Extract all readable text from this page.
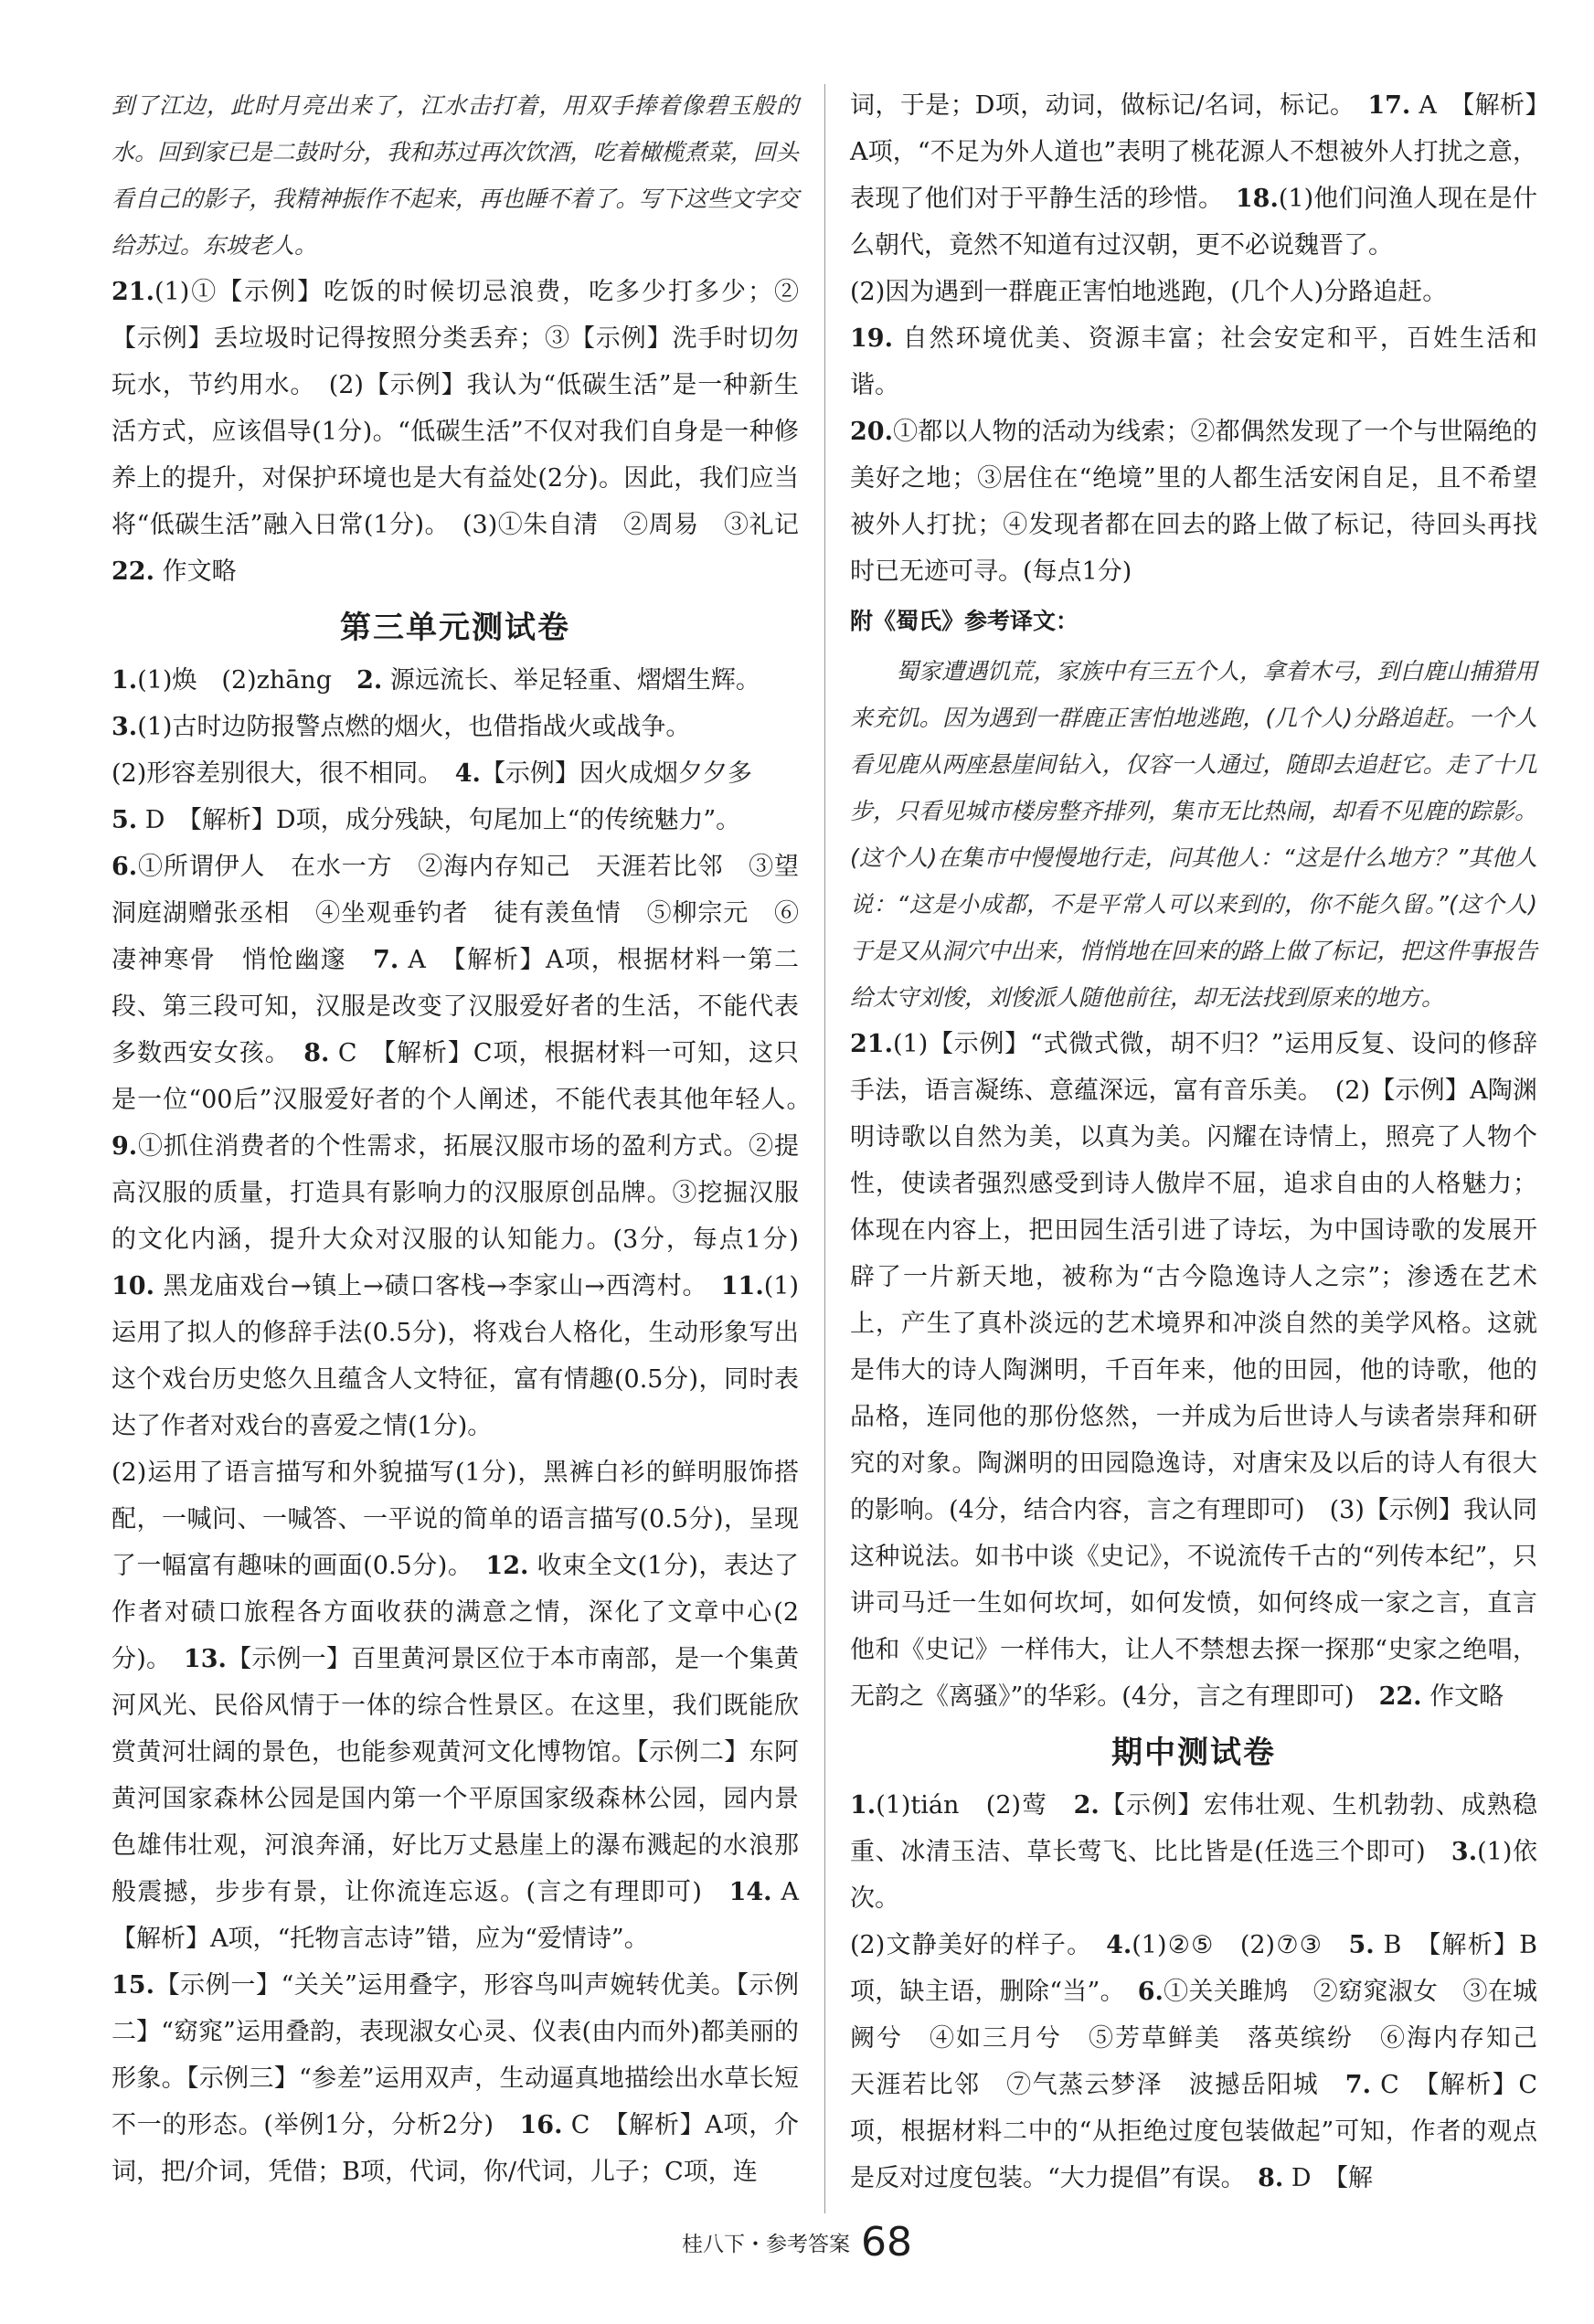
到了江边，此时月亮出来了，江水击打着，用双手捧着像碧玉般的水。回到家已是二鼓时分，我和苏过再次饮酒，吃着橄榄煮菜，回头看自己的影子，我精神振作不起来，再也睡不着了。写下这些文字交给苏过。东坡老人。

21.(1)①【示例】吃饭的时候切忌浪费，吃多少打多少；②【示例】丢垃圾时记得按照分类丢弃；③【示例】洗手时切勿玩水，节约用水。　(2)【示例】我认为“低碳生活”是一种新生活方式，应该倡导(1分)。“低碳生活”不仅对我们自身是一种修养上的提升，对保护环境也是大有益处(2分)。因此，我们应当将“低碳生活”融入日常(1分)。　(3)①朱自清　②周易　③礼记　22. 作文略

第三单元测试卷

1.(1)焕　(2)zhāng　2. 源远流长、举足轻重、熠熠生辉。

3.(1)古时边防报警点燃的烟火，也借指战火或战争。

(2)形容差别很大，很不相同。　4.【示例】因火成烟夕夕多

5. D　【解析】D项，成分残缺，句尾加上“的传统魅力”。

6.①所谓伊人　在水一方　②海内存知己　天涯若比邻　③望洞庭湖赠张丞相　④坐观垂钓者　徒有羡鱼情　⑤柳宗元　⑥凄神寒骨　悄怆幽邃　7. A　【解析】A项，根据材料一第二段、第三段可知，汉服是改变了汉服爱好者的生活，不能代表多数西安女孩。　8. C　【解析】C项，根据材料一可知，这只是一位“00后”汉服爱好者的个人阐述，不能代表其他年轻人。　9.①抓住消费者的个性需求，拓展汉服市场的盈利方式。②提高汉服的质量，打造具有影响力的汉服原创品牌。③挖掘汉服的文化内涵，提升大众对汉服的认知能力。(3分，每点1分)　10. 黑龙庙戏台→镇上→碛口客栈→李家山→西湾村。　11.(1)运用了拟人的修辞手法(0.5分)，将戏台人格化，生动形象写出这个戏台历史悠久且蕴含人文特征，富有情趣(0.5分)，同时表达了作者对戏台的喜爱之情(1分)。

(2)运用了语言描写和外貌描写(1分)，黑裤白衫的鲜明服饰搭配，一喊问、一喊答、一平说的简单的语言描写(0.5分)，呈现了一幅富有趣味的画面(0.5分)。　12. 收束全文(1分)，表达了作者对碛口旅程各方面收获的满意之情，深化了文章中心(2分)。　13.【示例一】百里黄河景区位于本市南部，是一个集黄河风光、民俗风情于一体的综合性景区。在这里，我们既能欣赏黄河壮阔的景色，也能参观黄河文化博物馆。【示例二】东阿黄河国家森林公园是国内第一个平原国家级森林公园，园内景色雄伟壮观，河浪奔涌，好比万丈悬崖上的瀑布溅起的水浪那般震撼，步步有景，让你流连忘返。(言之有理即可)　14. A　【解析】A项，“托物言志诗”错，应为“爱情诗”。

15.【示例一】“关关”运用叠字，形容鸟叫声婉转优美。【示例二】“窈窕”运用叠韵，表现淑女心灵、仪表(由内而外)都美丽的形象。【示例三】“参差”运用双声，生动逼真地描绘出水草长短不一的形态。(举例1分，分析2分)　16. C　【解析】A项，介词，把/介词，凭借；B项，代词，你/代词，儿子；C项，连

词，于是；D项，动词，做标记/名词，标记。　17. A　【解析】A项，“不足为外人道也”表明了桃花源人不想被外人打扰之意，表现了他们对于平静生活的珍惜。　18.(1)他们问渔人现在是什么朝代，竟然不知道有过汉朝，更不必说魏晋了。

(2)因为遇到一群鹿正害怕地逃跑，(几个人)分路追赶。

19. 自然环境优美、资源丰富；社会安定和平，百姓生活和谐。

20.①都以人物的活动为线索；②都偶然发现了一个与世隔绝的美好之地；③居住在“绝境”里的人都生活安闲自足，且不希望被外人打扰；④发现者都在回去的路上做了标记，待回头再找时已无迹可寻。(每点1分)

附《蜀氏》参考译文：

蜀家遭遇饥荒，家族中有三五个人，拿着木弓，到白鹿山捕猎用来充饥。因为遇到一群鹿正害怕地逃跑，(几个人)分路追赶。一个人看见鹿从两座悬崖间钻入，仅容一人通过，随即去追赶它。走了十几步，只看见城市楼房整齐排列，集市无比热闹，却看不见鹿的踪影。(这个人)在集市中慢慢地行走，问其他人：“这是什么地方？”其他人说：“这是小成都，不是平常人可以来到的，你不能久留。”(这个人)于是又从洞穴中出来，悄悄地在回来的路上做了标记，把这件事报告给太守刘悛，刘悛派人随他前往，却无法找到原来的地方。

21.(1)【示例】“式微式微，胡不归？”运用反复、设问的修辞手法，语言凝练、意蕴深远，富有音乐美。　(2)【示例】A陶渊明诗歌以自然为美，以真为美。闪耀在诗情上，照亮了人物个性，使读者强烈感受到诗人傲岸不屈，追求自由的人格魅力；体现在内容上，把田园生活引进了诗坛，为中国诗歌的发展开辟了一片新天地，被称为“古今隐逸诗人之宗”；渗透在艺术上，产生了真朴淡远的艺术境界和冲淡自然的美学风格。这就是伟大的诗人陶渊明，千百年来，他的田园，他的诗歌，他的品格，连同他的那份悠然，一并成为后世诗人与读者崇拜和研究的对象。陶渊明的田园隐逸诗，对唐宋及以后的诗人有很大的影响。(4分，结合内容，言之有理即可)　(3)【示例】我认同这种说法。如书中谈《史记》，不说流传千古的“列传本纪”，只讲司马迁一生如何坎坷，如何发愤，如何终成一家之言，直言他和《史记》一样伟大，让人不禁想去探一探那“史家之绝唱，无韵之《离骚》”的华彩。(4分，言之有理即可)　22. 作文略

期中测试卷

1.(1)tián　(2)莺　2.【示例】宏伟壮观、生机勃勃、成熟稳重、冰清玉洁、草长莺飞、比比皆是(任选三个即可)　3.(1)依次。

(2)文静美好的样子。　4.(1)②⑤　(2)⑦③　5. B　【解析】B项，缺主语，删除“当”。　6.①关关雎鸠　②窈窕淑女　③在城阙兮　④如三月兮　⑤芳草鲜美　落英缤纷　⑥海内存知己　天涯若比邻　⑦气蒸云梦泽　波撼岳阳城　7. C　【解析】C项，根据材料二中的“从拒绝过度包装做起”可知，作者的观点是反对过度包装。“大力提倡”有误。　8. D　【解

桂八下・参考答案 68
